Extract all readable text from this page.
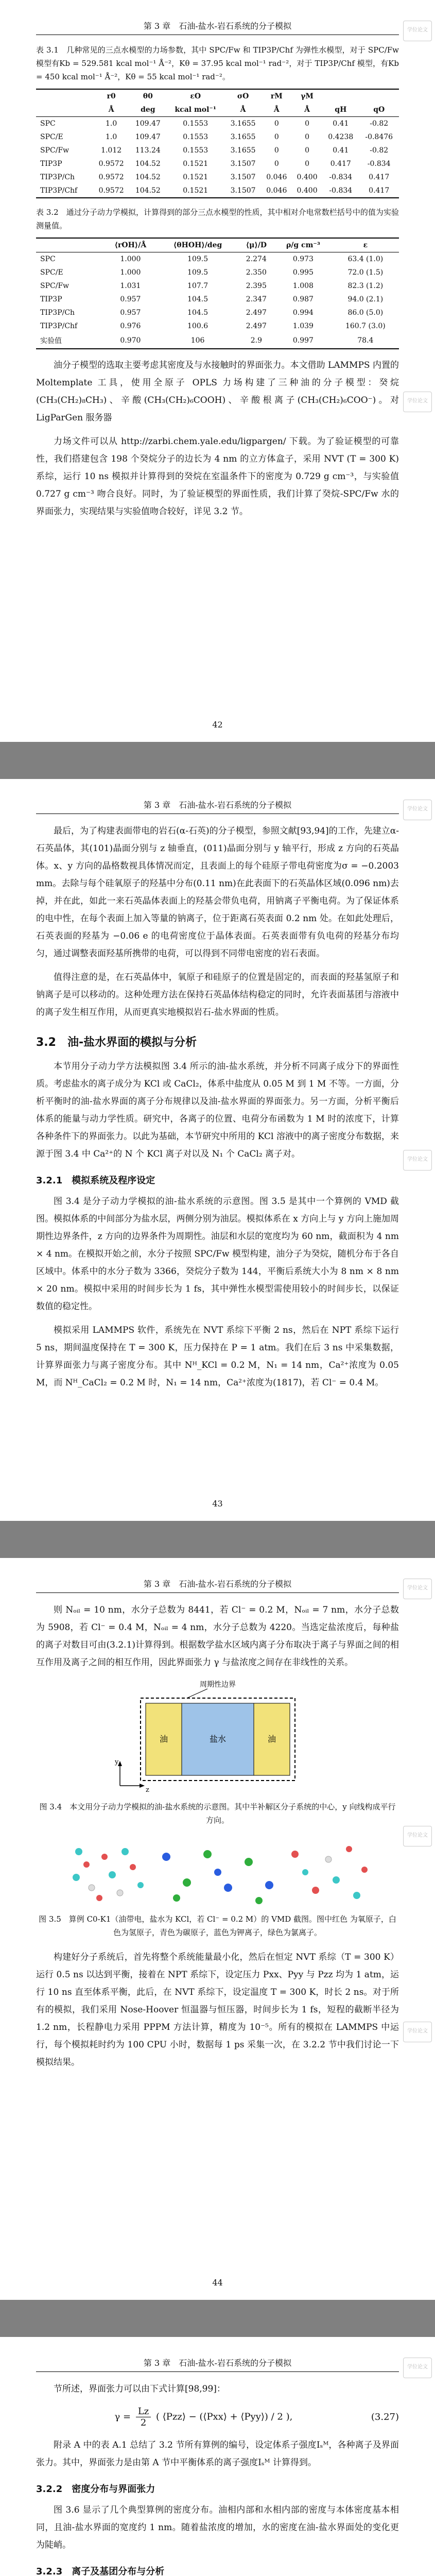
学位论文
学位论文
第 3 章　石油-盐水-岩石系统的分子模拟

表 3.1　几种常见的三点水模型的力场参数，其中 SPC/Fw 和 TIP3P/Chf 为弹性水模型，对于 SPC/Fw 模型有Kb = 529.581 kcal mol⁻¹ Å⁻²，Kθ = 37.95 kcal mol⁻¹ rad⁻²，对于 TIP3P/Chf 模型，有Kb = 450 kcal mol⁻¹ Å⁻²，Kθ = 55 kcal mol⁻¹ rad⁻²。

	r0	θ0	εO	σO	rM	γM		
	Å	deg	kcal mol⁻¹	Å	Å	Å	qH	qO
SPC	1.0	109.47	0.1553	3.1655	0	0	0.41	-0.82
SPC/E	1.0	109.47	0.1553	3.1655	0	0	0.4238	-0.8476
SPC/Fw	1.012	113.24	0.1553	3.1655	0	0	0.41	-0.82
TIP3P	0.9572	104.52	0.1521	3.1507	0	0	0.417	-0.834
TIP3P/Ch	0.9572	104.52	0.1521	3.1507	0.046	0.400	-0.834	0.417
TIP3P/Chf	0.9572	104.52	0.1521	3.1507	0.046	0.400	-0.834	0.417

表 3.2　通过分子动力学模拟，计算得到的部分三点水模型的性质，其中相对介电常数栏括号中的值为实验测量值。

	⟨rOH⟩/Å	⟨θHOH⟩/deg	⟨μ⟩/D	ρ/g cm⁻³	ε
SPC	1.000	109.5	2.274	0.973	63.4 (1.0)
SPC/E	1.000	109.5	2.350	0.995	72.0 (1.5)
SPC/Fw	1.031	107.7	2.395	1.008	82.3 (1.2)
TIP3P	0.957	104.5	2.347	0.987	94.0 (2.1)
TIP3P/Ch	0.957	104.5	2.497	0.994	86.0 (5.0)
TIP3P/Chf	0.976	100.6	2.497	1.039	160.7 (3.0)
实验值	0.970	106	2.9	0.997	78.4

油分子模型的选取主要考虑其密度及与水接触时的界面张力。本文借助 LAMMPS 内置的 Moltemplate 工具，使用全原子 OPLS 力场构建了三种油的分子模型：癸烷(CH₃(CH₂)₈CH₃)、辛酸(CH₃(CH₂)₆COOH)、辛酸根离子(CH₃(CH₂)₆COO⁻)。对 LigParGen 服务器

力场文件可以从 http://zarbi.chem.yale.edu/ligpargen/ 下载。为了验证模型的可靠性，我们搭建包含 198 个癸烷分子的边长为 4 nm 的立方体盒子，采用 NVT (T = 300 K) 系综，运行 10 ns 模拟并计算得到的癸烷在室温条件下的密度为 0.729 g cm⁻³，与实验值 0.727 g cm⁻³ 吻合良好。同时，为了验证模型的界面性质，我们计算了癸烷-SPC/Fw 水的界面张力，实现结果与实验值吻合较好，详见 3.2 节。

42
学位论文
学位论文
第 3 章　石油-盐水-岩石系统的分子模拟

最后，为了构建表面带电的岩石(α-石英)的分子模型，参照文献[93,94]的工作，先建立α-石英晶体，其(101)晶面分别与 z 轴垂直，(011)晶面分别与 y 轴平行，形成 z 方向的石英晶体。x、y 方向的晶格数视具体情况而定，且表面上的每个硅原子带电荷密度为σ = −0.2003 mm。去除与每个硅氧原子的羟基中分布(0.11 nm)在此表面下的石英晶体区域(0.096 nm)去掉，并在此，如此一来石英晶体表面上的羟基会带负电荷，用钠离子平衡电荷。为了保证体系的电中性，在每个表面上加入等量的钠离子，位于距离石英表面 0.2 nm 处。在如此处理后，石英表面的羟基为 −0.06 e 的电荷密度位于晶体表面。石英表面带有负电荷的羟基分布均匀，通过调整表面羟基所携带的电荷，可以得到不同带电密度的岩石表面。

值得注意的是，在石英晶体中，氧原子和硅原子的位置是固定的，而表面的羟基氢原子和钠离子是可以移动的。这种处理方法在保持石英晶体结构稳定的同时，允许表面基团与溶液中的离子发生相互作用，从而更真实地模拟岩石-盐水界面的性质。

3.2　油-盐水界面的模拟与分析

本节用分子动力学方法模拟图 3.4 所示的油-盐水系统，并分析不同离子成分下的界面性质。考虑盐水的离子成分为 KCl 或 CaCl₂，体系中盐度从 0.05 M 到 1 M 不等。一方面，分析平衡时的油-盐水界面的离子分布规律以及油-盐水界面的界面张力。另一方面，分析平衡后体系的能量与动力学性质。研究中，各离子的位置、电荷分布函数为 1 M 时的浓度下，计算各种条件下的界面张力。以此为基础，本节研究中所用的 KCl 溶液中的离子密度分布数据，来源于图 3.4 中 Ca²⁺的 N 个 KCl 离子对以及 N₁ 个 CaCl₂ 离子对。

3.2.1　模拟系统及程序设定

图 3.4 是分子动力学模拟的油-盐水系统的示意图。图 3.5 是其中一个算例的 VMD 截图。模拟体系的中间部分为盐水层，两侧分别为油层。模拟体系在 x 方向上与 y 方向上施加周期性边界条件，z 方向的边界条件为周期性。油层和水层的宽度均为 60 nm，截面积为 4 nm × 4 nm。在模拟开始之前，水分子按照 SPC/Fw 模型构建，油分子为癸烷，随机分布于各自区域中。体系中的水分子数为 3366，癸烷分子数为 144，平衡后系统大小为 8 nm × 8 nm × 20 nm。模拟中采用的时间步长为 1 fs，其中弹性水模型需使用较小的时间步长，以保证数值的稳定性。

模拟采用 LAMMPS 软件，系统先在 NVT 系综下平衡 2 ns，然后在 NPT 系综下运行 5 ns，期间温度保持在 T = 300 K，压力保持在 P = 1 atm。我们在后 3 ns 中采集数据，计算界面张力与离子密度分布。其中 Nᴴ_KCl = 0.2 M，N₁ = 14 nm，Ca²⁺浓度为 0.05 M，而 Nᴴ_CaCl₂ = 0.2 M 时，N₁ = 14 nm，Ca²⁺浓度为(1817)，若 Cl⁻ = 0.4 M。

43
学位论文
学位论文
学位论文
第 3 章　石油-盐水-岩石系统的分子模拟

则 Nₒᵢₗ = 10 nm，水分子总数为 8441，若 Cl⁻ = 0.2 M，Nₒᵢₗ = 7 nm，水分子总数为 5908，若 Cl⁻ = 0.4 M，Nₒᵢₗ = 4 nm，水分子总数为 4220。当选定盐浓度后，每种盐的离子对数目可由(3.2.1)计算得到。根据数学盐水区域内离子分布取决于离子与界面之间的相互作用及离子之间的相互作用，因此界面张力 γ 与盐浓度之间存在非线性的关系。

周期性边界
油	盐水	油
y
z

图 3.4　本文用分子动力学模拟的油-盐水系统的示意图。其中半补解区分子系统的中心，y 向线构成平行方向。

图 3.5　算例 C0-K1（油带电，盐水为 KCl，若 Cl⁻ = 0.2 M）的 VMD 截图。图中红色 为氧原子，白色为氢原子，青色为碳原子，蓝色为钾离子，绿色为氯离子。

构建好分子系统后，首先将整个系统能量最小化，然后在恒定 NVT 系综（T = 300 K）运行 0.5 ns 以达到平衡，接着在 NPT 系综下，设定压力 Pxx、Pyy 与 Pzz 均为 1 atm，运行 10 ns 直至体系平衡，此后，在 NVT 系综下，设定温度 T = 300 K，时长 2 ns。对于所有的模拟，我们采用 Nose-Hoover 恒温器与恒压器，时间步长为 1 fs，短程的截断半径为 1.2 nm，长程静电力采用 PPPM 方法计算，精度为 10⁻⁵。所有的模拟在 LAMMPS 中运行，每个模拟耗时约为 100 CPU 小时，数据每 1 ps 采集一次，在 3.2.2 节中我们讨论一下模拟结果。

44
学位论文
第 3 章　石油-盐水-岩石系统的分子模拟

节所述，界面张力可以由下式计算[98,99]：

$\gamma = \frac{Lz}{2}$ ( ⟨Pzz⟩ − (⟨Pxx⟩ + ⟨Pyy⟩) / 2 ),	(3.27)

附录 A 中的表 A.1 总结了 3.2 节所有算例的编号，设定体系子强度Iₛᴹ，各种离子及界面张力。其中，界面张力是由第 A 节中平衡体系的离子强度Iₛᴹ 计算得到。

3.2.2　密度分布与界面张力

图 3.6 显示了几个典型算例的密度分布。油相内部和水相内部的密度与本体密度基本相同，且油-盐水界面的宽度约 1 nm。随着盐浓度的增加，水的密度在油-盐水界面处的变化更为陡峭。

3.2.3　离子及基团分布与分析
